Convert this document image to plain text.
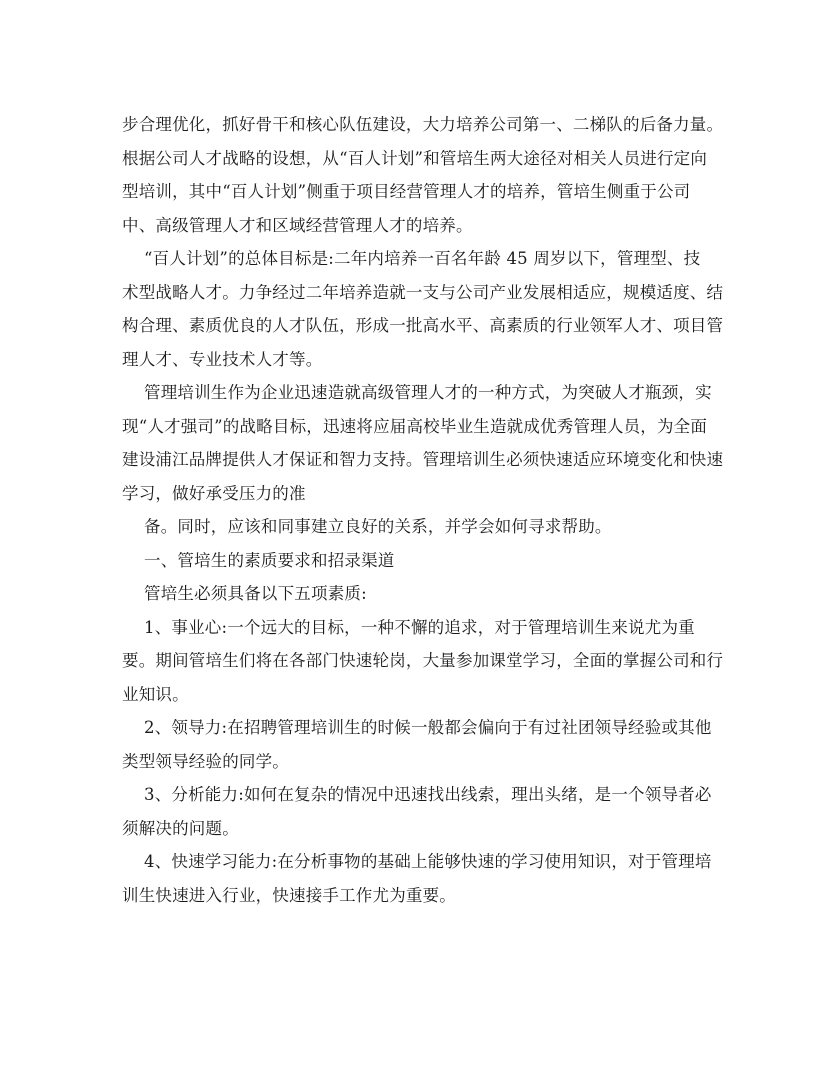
步合理优化，抓好骨干和核心队伍建设，大力培养公司第一、二梯队的后备力量。
根据公司人才战略的设想，从“百人计划”和管培生两大途径对相关人员进行定向
型培训，其中“百人计划”侧重于项目经营管理人才的培养，管培生侧重于公司
中、高级管理人才和区域经营管理人才的培养。
“百人计划”的总体目标是:二年内培养一百名年龄 45 周岁以下，管理型、技
术型战略人才。力争经过二年培养造就一支与公司产业发展相适应，规模适度、结
构合理、素质优良的人才队伍，形成一批高水平、高素质的行业领军人才、项目管
理人才、专业技术人才等。
管理培训生作为企业迅速造就高级管理人才的一种方式，为突破人才瓶颈，实
现“人才强司”的战略目标，迅速将应届高校毕业生造就成优秀管理人员，为全面
建设浦江品牌提供人才保证和智力支持。管理培训生必须快速适应环境变化和快速
学习，做好承受压力的准
备。同时，应该和同事建立良好的关系，并学会如何寻求帮助。
一、管培生的素质要求和招录渠道
管培生必须具备以下五项素质:
1、事业心:一个远大的目标，一种不懈的追求，对于管理培训生来说尤为重
要。期间管培生们将在各部门快速轮岗，大量参加课堂学习，全面的掌握公司和行
业知识。
2、领导力:在招聘管理培训生的时候一般都会偏向于有过社团领导经验或其他
类型领导经验的同学。
3、分析能力:如何在复杂的情况中迅速找出线索，理出头绪，是一个领导者必
须解决的问题。
4、快速学习能力:在分析事物的基础上能够快速的学习使用知识，对于管理培
训生快速进入行业，快速接手工作尤为重要。
